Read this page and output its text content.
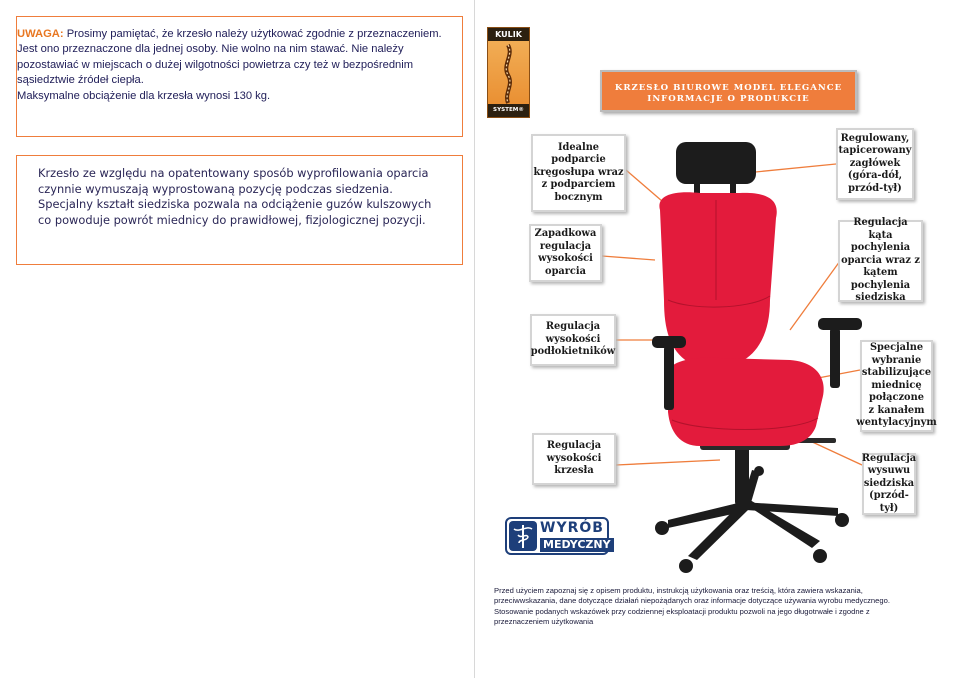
UWAGA: Prosimy pamiętać, że krzesło należy użytkować zgodnie z przeznaczeniem.
Jest ono przeznaczone dla jednej osoby. Nie wolno na nim stawać. Nie należy
pozostawiać w miejscach o dużej wilgotności powietrza czy też w bezpośrednim
sąsiedztwie źródeł ciepła.
Maksymalne obciążenie dla krzesła wynosi 130 kg.
Krzesło ze względu na opatentowany sposób wyprofilowania oparcia czynnie wymuszają wyprostowaną pozycję podczas siedzenia. Specjalny kształt siedziska pozwala na odciążenie guzów kulszowych co powoduje powrót miednicy do prawidłowej, fizjologicznej pozycji.
KULIK
SYSTEM®
KRZESŁO BIUROWE MODEL ELEGANCE
INFORMACJE O PRODUKCIE
Idealne
podparcie
kręgosłupa wraz
z podparciem
bocznym
Zapadkowa
regulacja
wysokości
oparcia
Regulacja
wysokości
podłokietników
Regulacja
wysokości
krzesła
Regulowany,
tapicerowany
zagłówek
(góra-dół,
przód-tył)
Regulacja kąta
pochylenia
oparcia wraz z
kątem
pochylenia
siedziska
Specjalne
wybranie
stabilizujące
miednicę
połączone
z kanałem
wentylacyjnym
Regulacja
wysuwu
siedziska
(przód-tył)
WYRÓB
MEDYCZNY
Przed użyciem zapoznaj się z opisem produktu, instrukcją użytkowania oraz treścią, która zawiera wskazania, przeciwwskazania, dane dotyczące działań niepożądanych oraz informacje dotyczące używania wyrobu medycznego. Stosowanie podanych wskazówek przy codziennej eksploatacji produktu pozwoli na jego długotrwałe i zgodne z przeznaczeniem użytkowania
